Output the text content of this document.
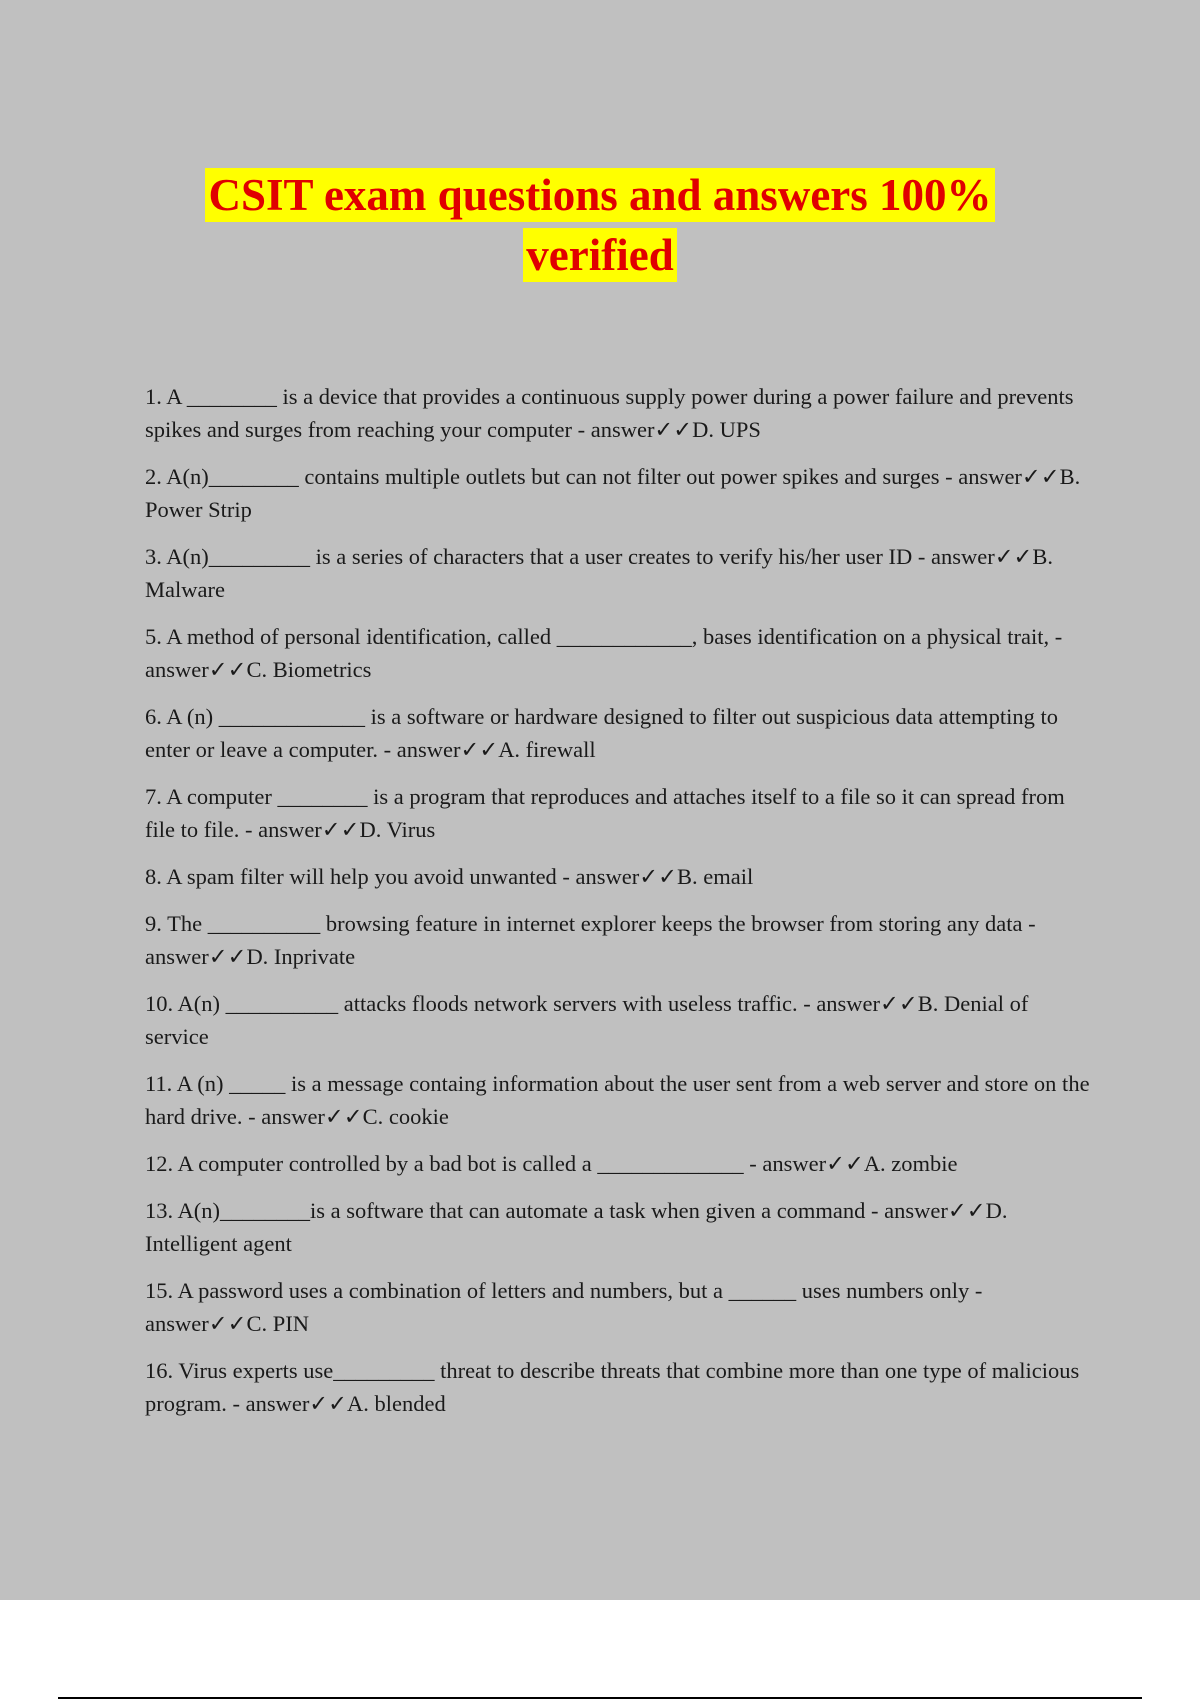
CSIT exam questions and answers 100%
verified
1. A ________ is a device that provides a continuous supply power during a power failure and prevents spikes and surges from reaching your computer - answer✓✓D. UPS
2. A(n)________ contains multiple outlets but can not filter out power spikes and surges - answer✓✓B. Power Strip
3. A(n)_________ is a series of characters that a user creates to verify his/her user ID - answer✓✓B. Malware
5. A method of personal identification, called ____________, bases identification on a physical trait, - answer✓✓C. Biometrics
6. A (n) _____________ is a software or hardware designed to filter out suspicious data attempting to enter or leave a computer. - answer✓✓A. firewall
7. A computer ________ is a program that reproduces and attaches itself to a file so it can spread from file to file. - answer✓✓D. Virus
8. A spam filter will help you avoid unwanted - answer✓✓B. email
9. The __________ browsing feature in internet explorer keeps the browser from storing any data - answer✓✓D. Inprivate
10. A(n) __________ attacks floods network servers with useless traffic. - answer✓✓B. Denial of service
11. A (n) _____ is a message containg information about the user sent from a web server and store on the hard drive. - answer✓✓C. cookie
12. A computer controlled by a bad bot is called a _____________ - answer✓✓A. zombie
13. A(n)________is a software that can automate a task when given a command - answer✓✓D. Intelligent agent
15. A password uses a combination of letters and numbers, but a ______ uses numbers only - answer✓✓C. PIN
16. Virus experts use_________ threat to describe threats that combine more than one type of malicious program. - answer✓✓A. blended
